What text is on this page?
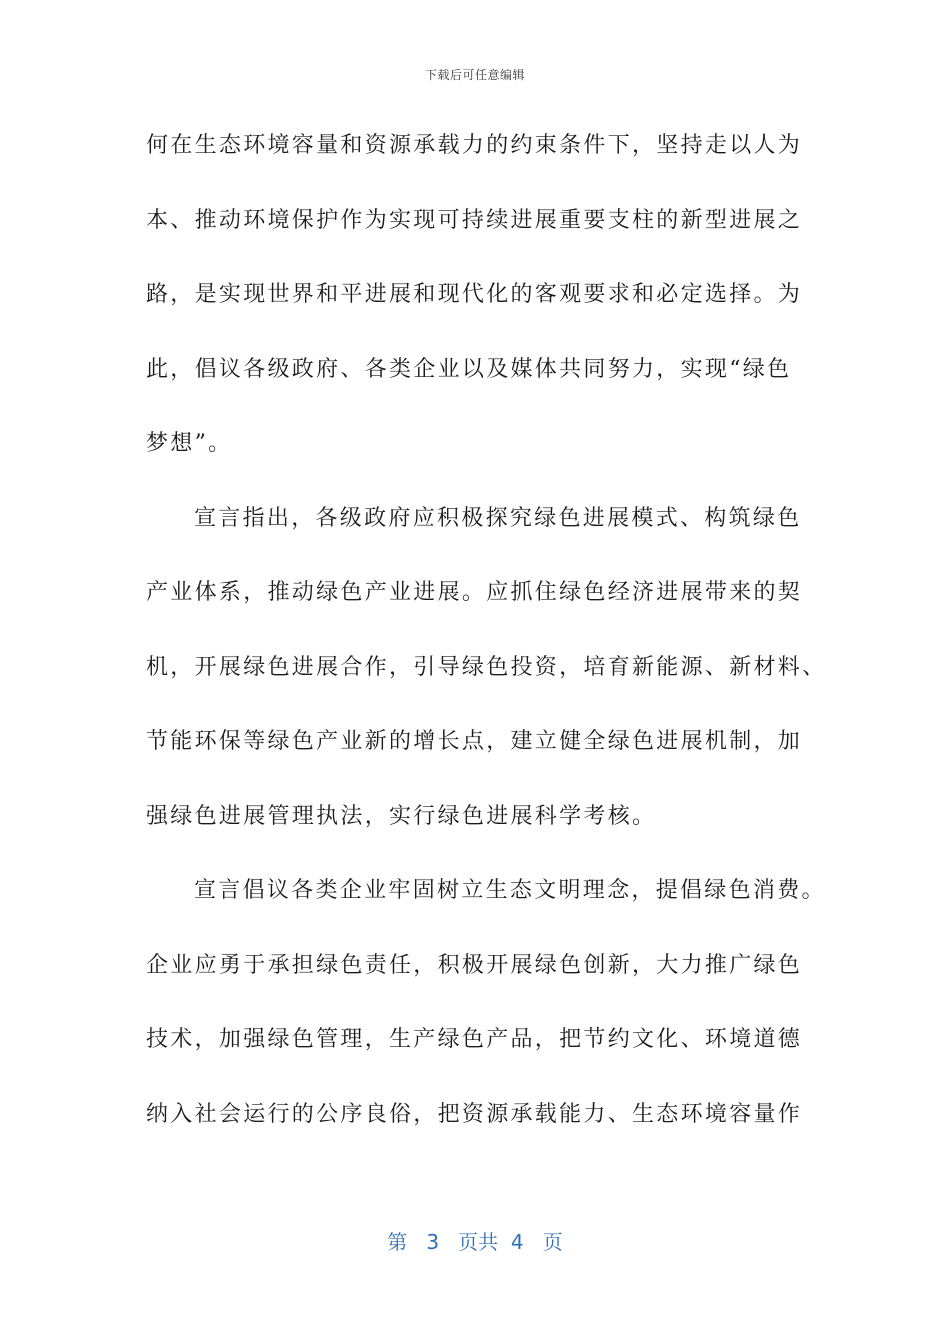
下载后可任意编辑
何在生态环境容量和资源承载力的约束条件下，坚持走以人为
本、推动环境保护作为实现可持续进展重要支柱的新型进展之
路，是实现世界和平进展和现代化的客观要求和必定选择。为
此，倡议各级政府、各类企业以及媒体共同努力，实现“绿色
梦想”。
宣言指出，各级政府应积极探究绿色进展模式、构筑绿色
产业体系，推动绿色产业进展。应抓住绿色经济进展带来的契
机，开展绿色进展合作，引导绿色投资，培育新能源、新材料、
节能环保等绿色产业新的增长点，建立健全绿色进展机制，加
强绿色进展管理执法，实行绿色进展科学考核。
宣言倡议各类企业牢固树立生态文明理念，提倡绿色消费。
企业应勇于承担绿色责任，积极开展绿色创新，大力推广绿色
技术，加强绿色管理，生产绿色产品，把节约文化、环境道德
纳入社会运行的公序良俗，把资源承载能力、生态环境容量作
第 3 页共 4 页
